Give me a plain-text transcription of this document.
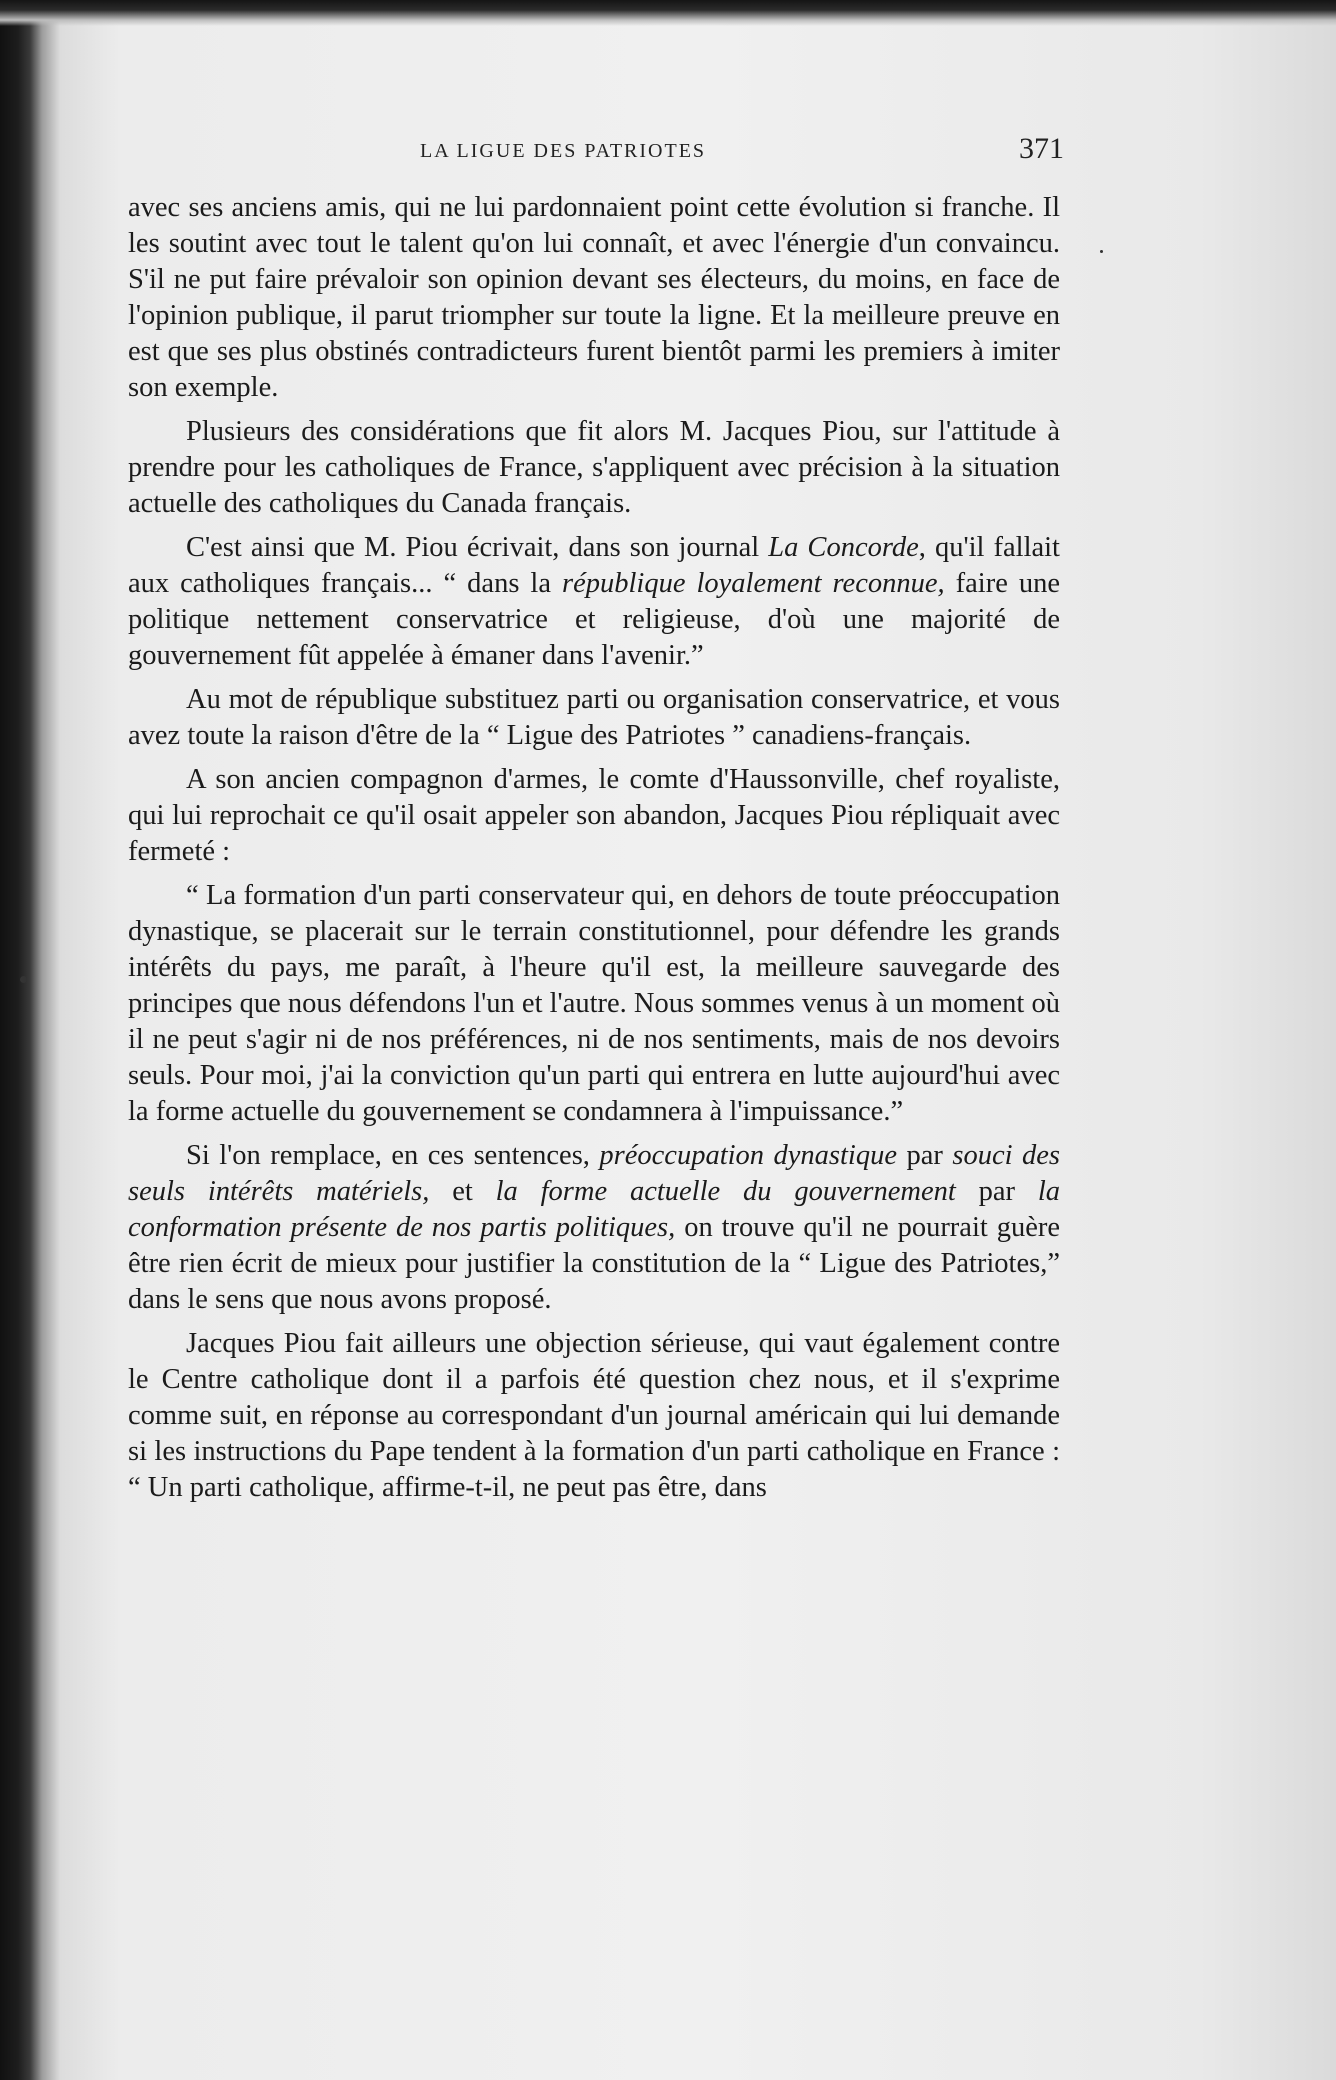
LA LIGUE DES PATRIOTES	371

avec ses anciens amis, qui ne lui pardonnaient point cette évolution si franche. Il les soutint avec tout le talent qu'on lui connaît, et avec l'énergie d'un convaincu. S'il ne put faire prévaloir son opinion devant ses électeurs, du moins, en face de l'opinion publique, il parut triompher sur toute la ligne. Et la meilleure preuve en est que ses plus obstinés contradicteurs furent bientôt parmi les premiers à imiter son exemple.

Plusieurs des considérations que fit alors M. Jacques Piou, sur l'attitude à prendre pour les catholiques de France, s'appliquent avec précision à la situation actuelle des catholiques du Canada français.

C'est ainsi que M. Piou écrivait, dans son journal La Concorde, qu'il fallait aux catholiques français... “ dans la république loyalement reconnue, faire une politique nettement conservatrice et religieuse, d'où une majorité de gouvernement fût appelée à émaner dans l'avenir.”

Au mot de république substituez parti ou organisation conservatrice, et vous avez toute la raison d'être de la “ Ligue des Patriotes ” canadiens-français.

A son ancien compagnon d'armes, le comte d'Haussonville, chef royaliste, qui lui reprochait ce qu'il osait appeler son abandon, Jacques Piou répliquait avec fermeté :

“ La formation d'un parti conservateur qui, en dehors de toute préoccupation dynastique, se placerait sur le terrain constitutionnel, pour défendre les grands intérêts du pays, me paraît, à l'heure qu'il est, la meilleure sauvegarde des principes que nous défendons l'un et l'autre. Nous sommes venus à un moment où il ne peut s'agir ni de nos préférences, ni de nos sentiments, mais de nos devoirs seuls. Pour moi, j'ai la conviction qu'un parti qui entrera en lutte aujourd'hui avec la forme actuelle du gouvernement se condamnera à l'impuissance.”

Si l'on remplace, en ces sentences, préoccupation dynastique par souci des seuls intérêts matériels, et la forme actuelle du gouvernement par la conformation présente de nos partis politiques, on trouve qu'il ne pourrait guère être rien écrit de mieux pour justifier la constitution de la “ Ligue des Patriotes,” dans le sens que nous avons proposé.

Jacques Piou fait ailleurs une objection sérieuse, qui vaut également contre le Centre catholique dont il a parfois été question chez nous, et il s'exprime comme suit, en réponse au correspondant d'un journal américain qui lui demande si les instructions du Pape tendent à la formation d'un parti catholique en France : “ Un parti catholique, affirme-t-il, ne peut pas être, dans
